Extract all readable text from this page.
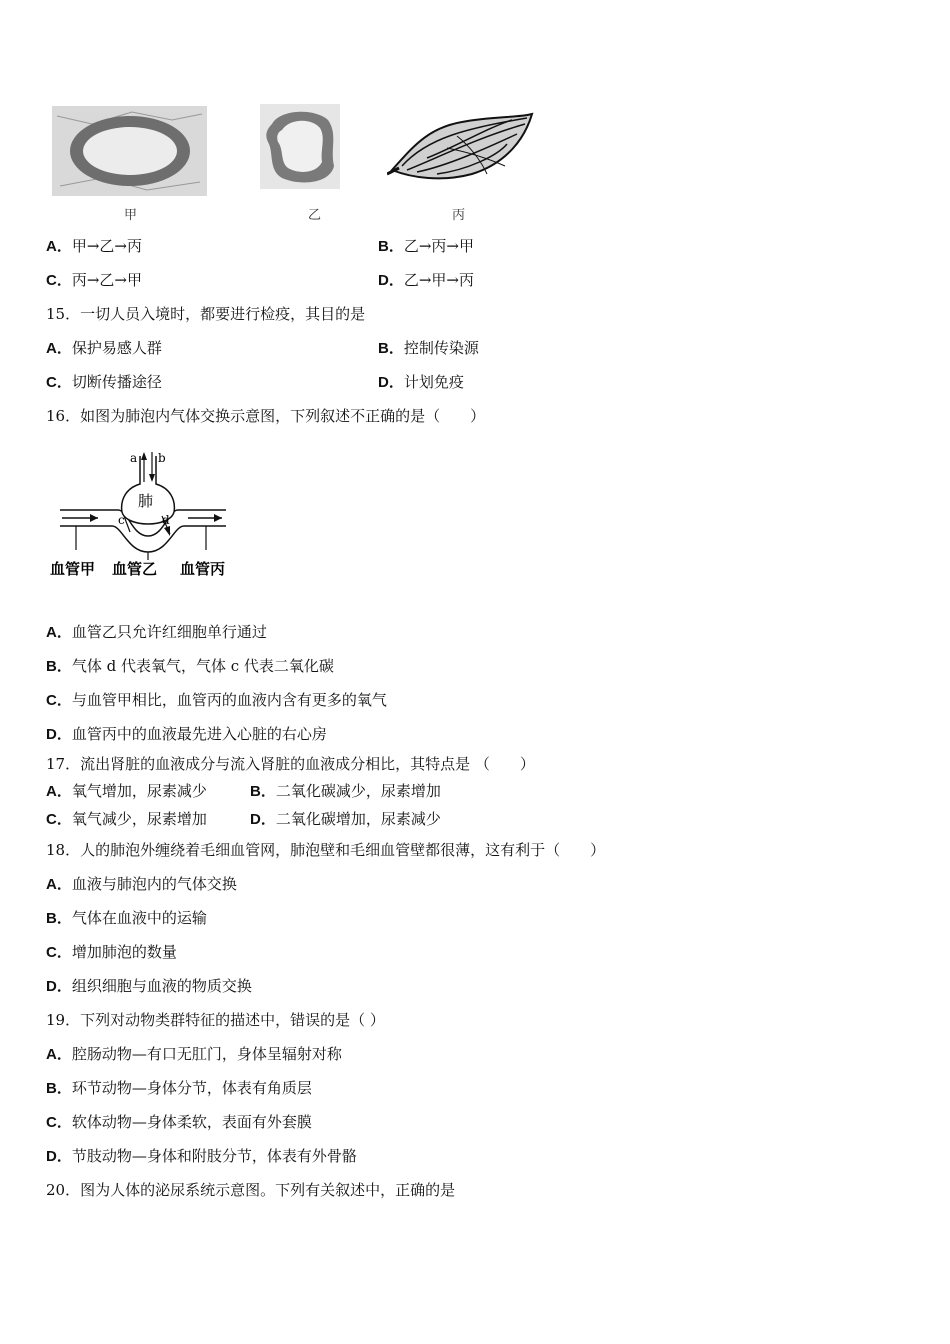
甲	乙	丙
A．甲→乙→丙	B．乙→丙→甲
C．丙→乙→甲	D．乙→甲→丙
15．一切人员入境时，都要进行检疫，其目的是
A．保护易感人群	B．控制传染源
C．切断传播途径	D．计划免疫
16．如图为肺泡内气体交换示意图，下列叙述不正确的是（　　）
a b
肺
c	d
血管甲 血管乙 血管丙
A．血管乙只允许红细胞单行通过
B．气体 d 代表氧气，气体 c 代表二氧化碳
C．与血管甲相比，血管丙的血液内含有更多的氧气
D．血管丙中的血液最先进入心脏的右心房
17．流出肾脏的血液成分与流入肾脏的血液成分相比，其特点是 （　　）
A．氧气增加，尿素减少	B．二氧化碳减少，尿素增加
C．氧气减少，尿素增加	D．二氧化碳增加，尿素减少
18．人的肺泡外缠绕着毛细血管网，肺泡壁和毛细血管壁都很薄，这有利于（　　）
A．血液与肺泡内的气体交换
B．气体在血液中的运输
C．增加肺泡的数量
D．组织细胞与血液的物质交换
19．下列对动物类群特征的描述中，错误的是（ ）
A．腔肠动物—有口无肛门，身体呈辐射对称
B．环节动物—身体分节，体表有角质层
C．软体动物—身体柔软，表面有外套膜
D．节肢动物—身体和附肢分节，体表有外骨骼
20．图为人体的泌尿系统示意图。下列有关叙述中，正确的是
